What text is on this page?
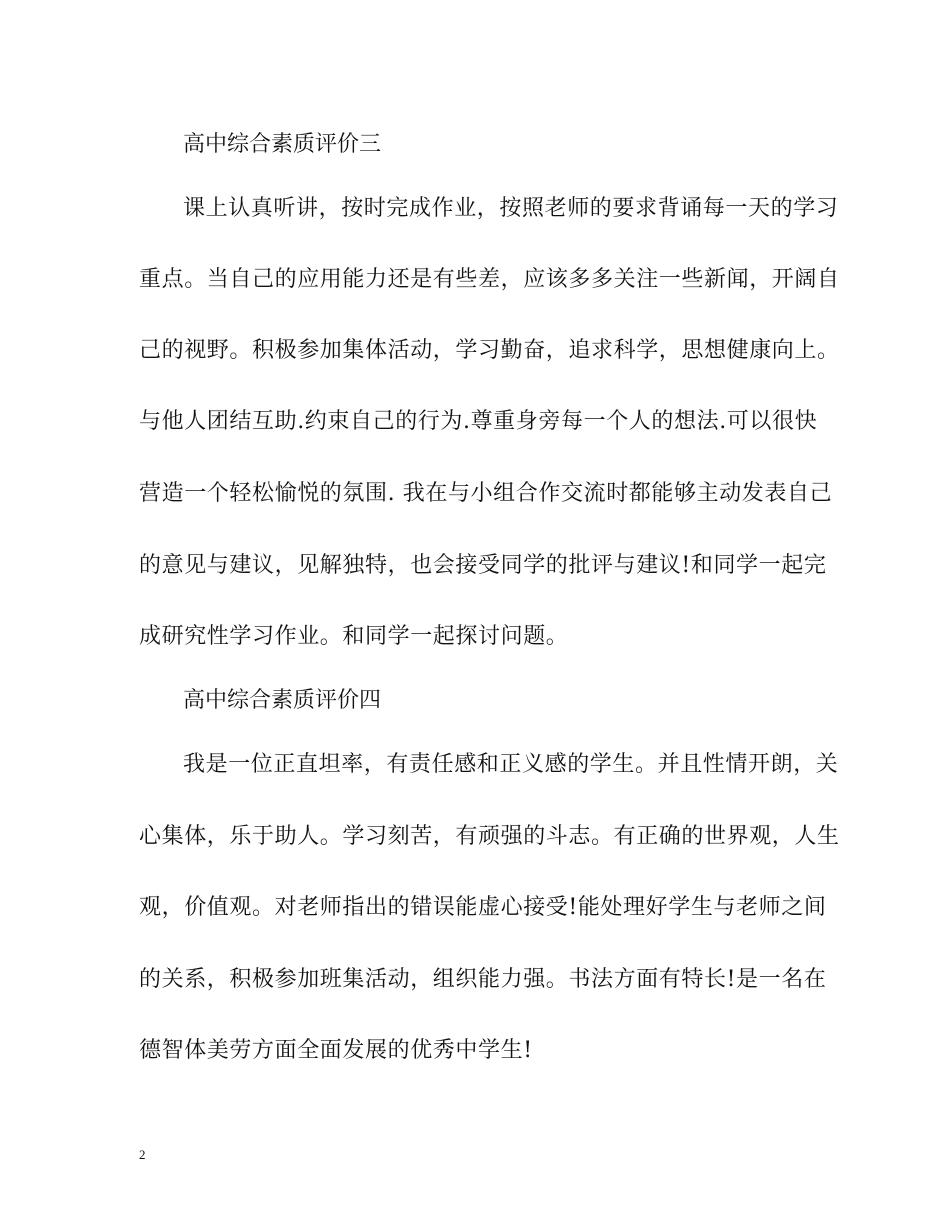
高中综合素质评价三
课上认真听讲，按时完成作业，按照老师的要求背诵每一天的学习
重点。当自己的应用能力还是有些差，应该多多关注一些新闻，开阔自
己的视野。积极参加集体活动，学习勤奋，追求科学，思想健康向上。
与他人团结互助.约束自己的行为.尊重身旁每一个人的想法.可以很快
营造一个轻松愉悦的氛围. 我在与小组合作交流时都能够主动发表自己
的意见与建议，见解独特，也会接受同学的批评与建议!和同学一起完
成研究性学习作业。和同学一起探讨问题。
高中综合素质评价四
我是一位正直坦率，有责任感和正义感的学生。并且性情开朗，关
心集体，乐于助人。学习刻苦，有顽强的斗志。有正确的世界观，人生
观，价值观。对老师指出的错误能虚心接受!能处理好学生与老师之间
的关系，积极参加班集活动，组织能力强。书法方面有特长!是一名在
德智体美劳方面全面发展的优秀中学生!
2
